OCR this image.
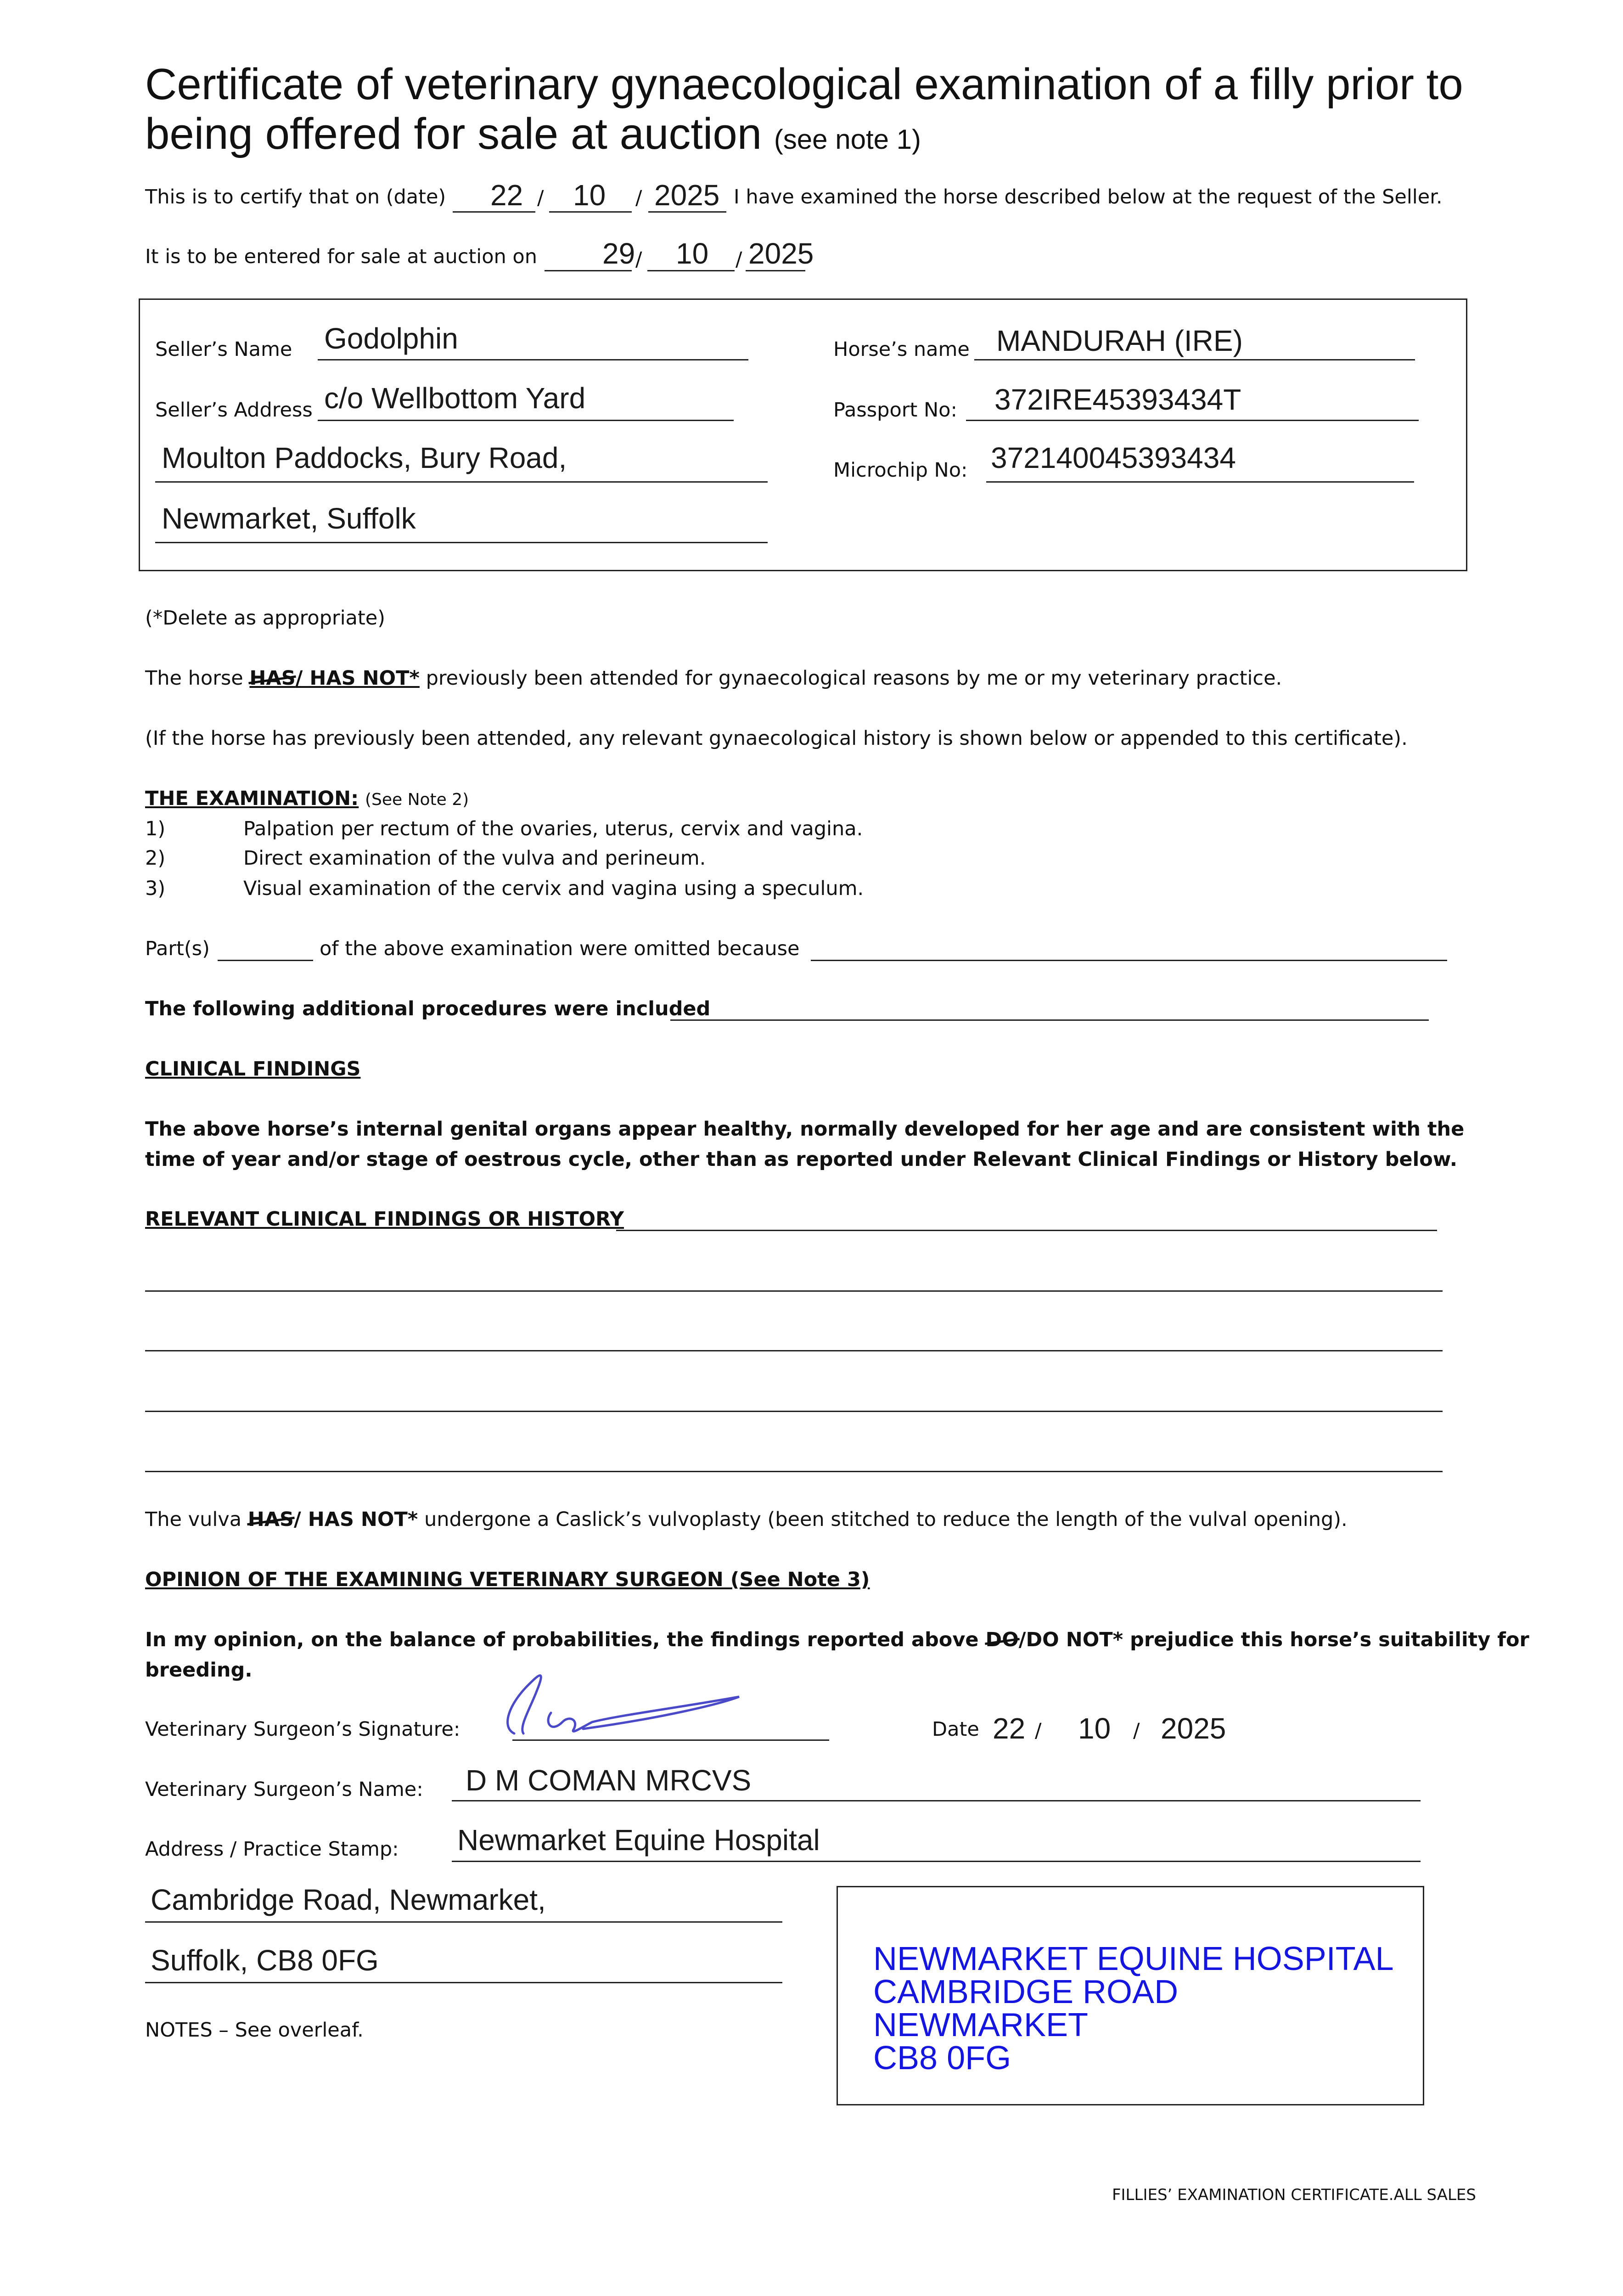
Certificate of veterinary gynaecological examination of a filly prior to being offered for sale at auction (see note 1)
This is to certify that on (date) 22 / 10 / 2025 I have examined the horse described below at the request of the Seller.
It is to be entered for sale at auction on 29 / 10 / 2025
Seller’s Name Godolphin
Seller’s Address c/o Wellbottom Yard
Moulton Paddocks, Bury Road,
Newmarket, Suffolk
Horse’s name MANDURAH (IRE)
Passport No: 372IRE45393434T
Microchip No: 372140045393434
(*Delete as appropriate)
The horse HAS/ HAS NOT* previously been attended for gynaecological reasons by me or my veterinary practice.
(If the horse has previously been attended, any relevant gynaecological history is shown below or appended to this certificate).
THE EXAMINATION: (See Note 2)
1)	Palpation per rectum of the ovaries, uterus, cervix and vagina.
2)	Direct examination of the vulva and perineum.
3)	Visual examination of the cervix and vagina using a speculum.
Part(s)	of the above examination were omitted because
The following additional procedures were included
CLINICAL FINDINGS
The above horse’s internal genital organs appear healthy, normally developed for her age and are consistent with the time of year and/or stage of oestrous cycle, other than as reported under Relevant Clinical Findings or History below.
RELEVANT CLINICAL FINDINGS OR HISTORY
The vulva HAS/ HAS NOT* undergone a Caslick’s vulvoplasty (been stitched to reduce the length of the vulval opening).
OPINION OF THE EXAMINING VETERINARY SURGEON (See Note 3)
In my opinion, on the balance of probabilities, the findings reported above DO/DO NOT* prejudice this horse’s suitability for
breeding.
Veterinary Surgeon’s Signature:	Date 22 / 10 / 2025
Veterinary Surgeon’s Name: D M COMAN MRCVS
Address / Practice Stamp: Newmarket Equine Hospital
Cambridge Road, Newmarket,
Suffolk, CB8 0FG
NOTES – See overleaf.
NEWMARKET EQUINE HOSPITAL
CAMBRIDGE ROAD
NEWMARKET
CB8 0FG
FILLIES’ EXAMINATION CERTIFICATE.ALL SALES
